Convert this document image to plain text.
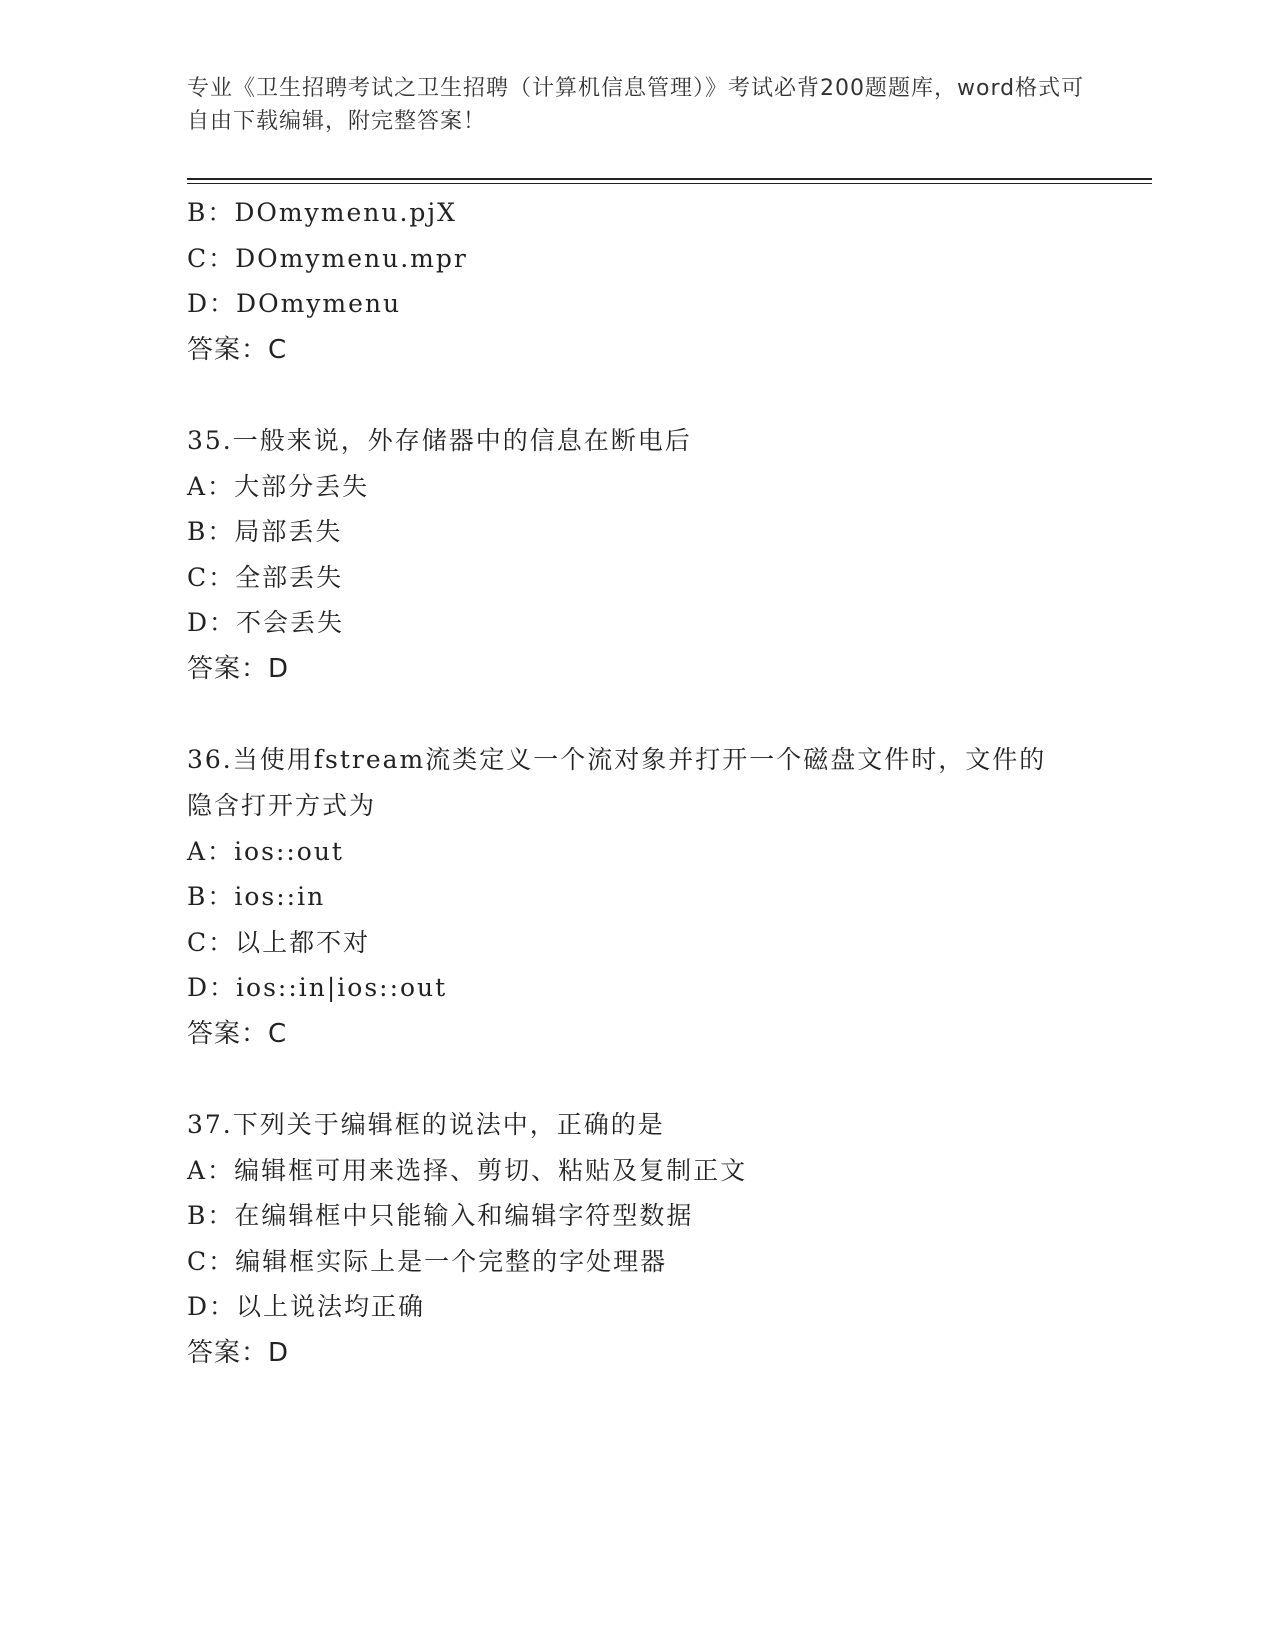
专业《卫生招聘考试之卫生招聘（计算机信息管理）》考试必背200题题库，word格式可自由下载编辑，附完整答案！
B：DOmymenu.pjX
C：DOmymenu.mpr
D：DOmymenu
答案：C
35.一般来说，外存储器中的信息在断电后
A：大部分丢失
B：局部丢失
C：全部丢失
D：不会丢失
答案：D
36.当使用fstream流类定义一个流对象并打开一个磁盘文件时，文件的隐含打开方式为
A：ios::out
B：ios::in
C：以上都不对
D：ios::in|ios::out
答案：C
37.下列关于编辑框的说法中，正确的是
A：编辑框可用来选择、剪切、粘贴及复制正文
B：在编辑框中只能输入和编辑字符型数据
C：编辑框实际上是一个完整的字处理器
D：以上说法均正确
答案：D
